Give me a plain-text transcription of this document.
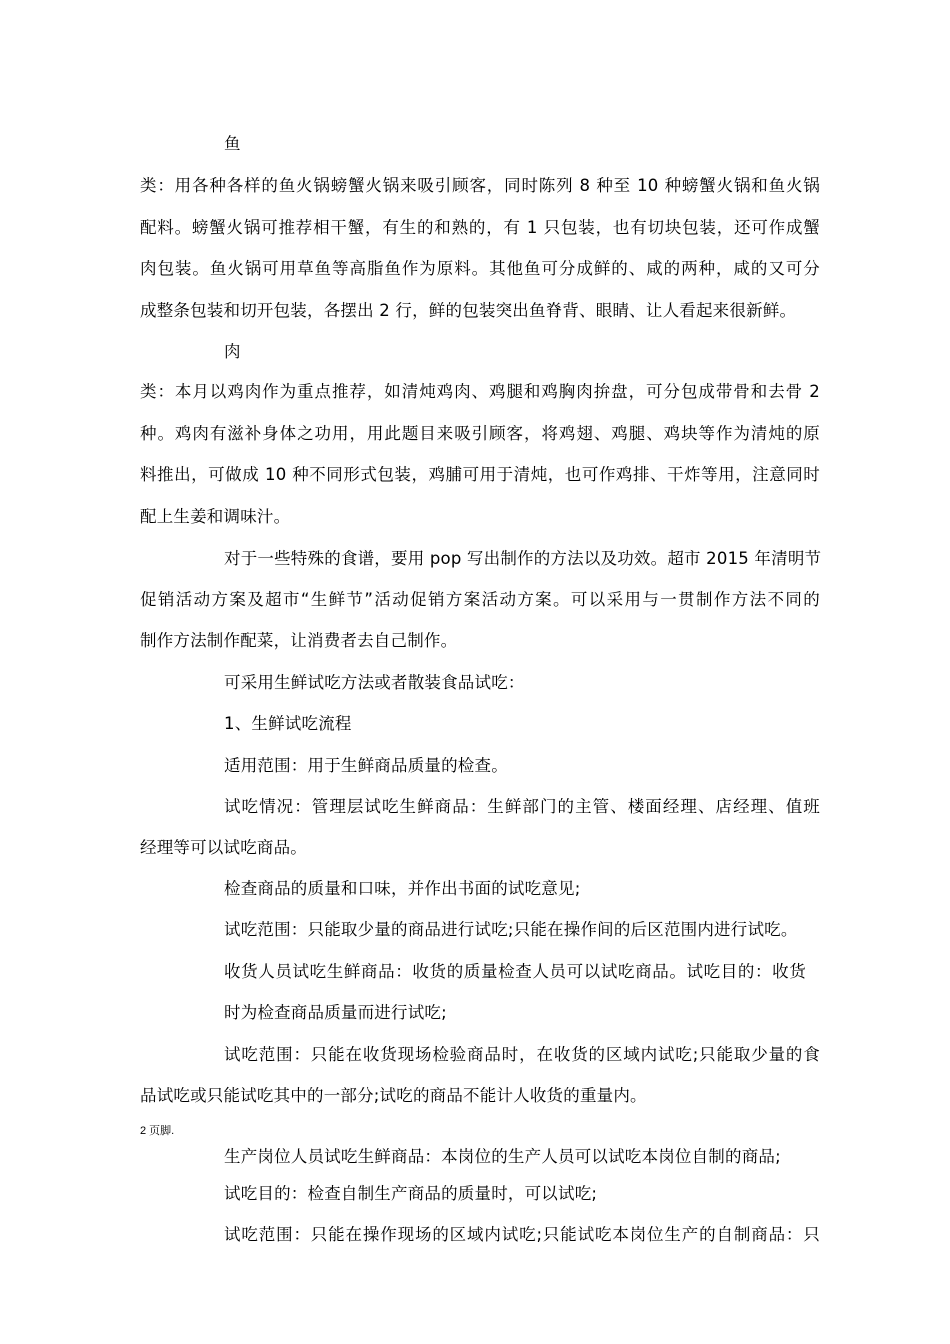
鱼
类：用各种各样的鱼火锅螃蟹火锅来吸引顾客，同时陈列 8 种至 10 种螃蟹火锅和鱼火锅
配料。螃蟹火锅可推荐相干蟹，有生的和熟的，有 1 只包装，也有切块包装，还可作成蟹
肉包装。鱼火锅可用草鱼等高脂鱼作为原料。其他鱼可分成鲜的、咸的两种，咸的又可分
成整条包装和切开包装，各摆出 2 行，鲜的包装突出鱼脊背、眼睛、让人看起来很新鲜。
肉
类：本月以鸡肉作为重点推荐，如清炖鸡肉、鸡腿和鸡胸肉拚盘，可分包成带骨和去骨 2
种。鸡肉有滋补身体之功用，用此题目来吸引顾客，将鸡翅、鸡腿、鸡块等作为清炖的原
料推出，可做成 10 种不同形式包装，鸡脯可用于清炖，也可作鸡排、干炸等用，注意同时
配上生姜和调味汁。
对于一些特殊的食谱，要用 pop 写出制作的方法以及功效。超市 2015 年清明节
促销活动方案及超市“生鲜节”活动促销方案活动方案。可以采用与一贯制作方法不同的
制作方法制作配菜，让消费者去自己制作。
可采用生鲜试吃方法或者散装食品试吃：
1、生鲜试吃流程
适用范围：用于生鲜商品质量的检查。
试吃情况：管理层试吃生鲜商品：生鲜部门的主管、楼面经理、店经理、值班
经理等可以试吃商品。
检查商品的质量和口味，并作出书面的试吃意见;
试吃范围：只能取少量的商品进行试吃;只能在操作间的后区范围内进行试吃。
收货人员试吃生鲜商品：收货的质量检查人员可以试吃商品。试吃目的：收货
时为检查商品质量而进行试吃;
试吃范围：只能在收货现场检验商品时，在收货的区域内试吃;只能取少量的食
品试吃或只能试吃其中的一部分;试吃的商品不能计人收货的重量内。
2 页脚.
生产岗位人员试吃生鲜商品：本岗位的生产人员可以试吃本岗位自制的商品;
试吃目的：检查自制生产商品的质量时，可以试吃;
试吃范围：只能在操作现场的区域内试吃;只能试吃本岗位生产的自制商品：只
